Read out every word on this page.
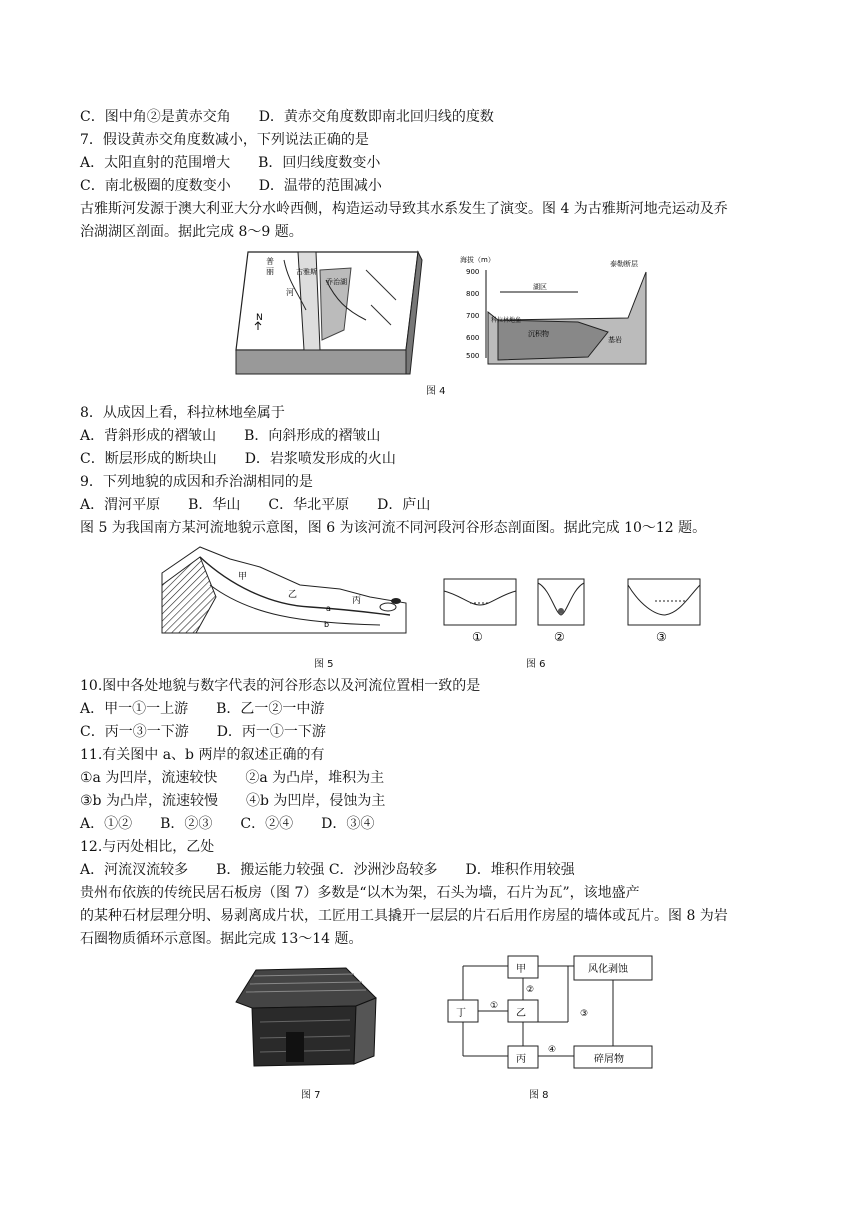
C．图中角②是黄赤交角　　D．黄赤交角度数即南北回归线的度数
7．假设黄赤交角度数减小，下列说法正确的是
A．太阳直射的范围增大　　B．回归线度数变小
C．南北极圈的度数变小　　D．温带的范围减小
古雅斯河发源于澳大利亚大分水岭西侧，构造运动导致其水系发生了演变。图 4 为古雅斯河地壳运动及乔
治湖湖区剖面。据此完成 8～9 题。
普
丽
河
古雅斯
乔治湖
N
海拔（m）
900
800
700
600
500
湖区
泰勒断层
科拉林地垒
沉积物
基岩
图 4
8．从成因上看，科拉林地垒属于
A．背斜形成的褶皱山　　B．向斜形成的褶皱山
C．断层形成的断块山　　D．岩浆喷发形成的火山
9．下列地貌的成因和乔治湖相同的是
A．渭河平原　　B．华山　　C．华北平原　　D．庐山
图 5 为我国南方某河流地貌示意图，图 6 为该河流不同河段河谷形态剖面图。据此完成 10～12 题。
甲
乙
丙
a
b
图 5
①	②	③
图 6
10.图中各处地貌与数字代表的河谷形态以及河流位置相一致的是
A．甲一①一上游　　B．乙一②一中游
C．丙一③一下游　　D．丙一①一下游
11.有关图中 a、b 两岸的叙述正确的有
①a 为凹岸，流速较快　　②a 为凸岸，堆积为主
③b 为凸岸，流速较慢　　④b 为凹岸，侵蚀为主
A．①②　　B．②③　　C．②④　　D．③④
12.与丙处相比，乙处
A．河流汊流较多　　B．搬运能力较强 C．沙洲沙岛较多　　D．堆积作用较强
贵州布依族的传统民居石板房（图 7）多数是“以木为架，石头为墙，石片为瓦”，该地盛产
的某种石材层理分明、易剥离成片状，工匠用工具撬开一层层的片石后用作房屋的墙体或瓦片。图 8 为岩
石圈物质循环示意图。据此完成 13～14 题。
图 7
甲
乙
丙
丁
风化剥蚀
碎屑物
①
②
③
④
图 8
